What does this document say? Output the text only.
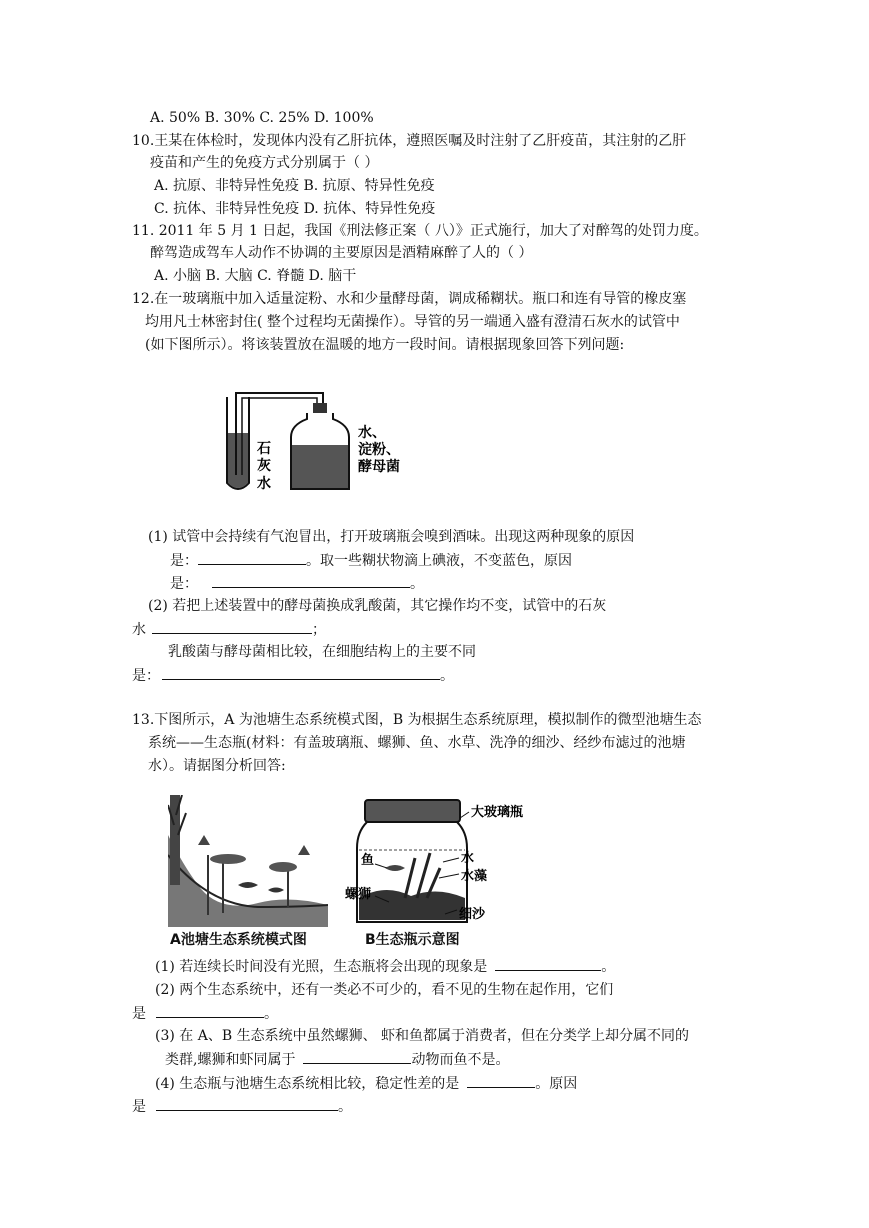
A. 50% B. 30% C. 25% D. 100%
10.王某在体检时，发现体内没有乙肝抗体，遵照医嘱及时注射了乙肝疫苗，其注射的乙肝
疫苗和产生的免疫方式分别属于（ ）
A. 抗原、非特异性免疫 B. 抗原、特异性免疫
C. 抗体、非特异性免疫 D. 抗体、特异性免疫
11. 2011 年 5 月 1 日起，我国《刑法修正案（ 八）》正式施行，加大了对醉驾的处罚力度。
醉驾造成驾车人动作不协调的主要原因是酒精麻醉了人的（ ）
A. 小脑 B. 大脑 C. 脊髓 D. 脑干
12.在一玻璃瓶中加入适量淀粉、水和少量酵母菌，调成稀糊状。瓶口和连有导管的橡皮塞
均用凡士林密封住( 整个过程均无菌操作）。导管的另一端通入盛有澄清石灰水的试管中
(如下图所示）。将该装置放在温暖的地方一段时间。请根据现象回答下列问题:
石
灰
水
水、
淀粉、
酵母菌
(1) 试管中会持续有气泡冒出，打开玻璃瓶会嗅到酒味。出现这两种现象的原因
是：	。取一些糊状物滴上碘液，不变蓝色，原因
是：	。
(2) 若把上述装置中的酵母菌换成乳酸菌，其它操作均不变，试管中的石灰
水	；
乳酸菌与酵母菌相比较，在细胞结构上的主要不同
是：	。
13.下图所示，A 为池塘生态系统模式图，B 为根据生态系统原理，模拟制作的微型池塘生态
系统——生态瓶(材料：有盖玻璃瓶、螺狮、鱼、水草、洗净的细沙、经纱布滤过的池塘
水）。请据图分析回答:
A池塘生态系统模式图
大玻璃瓶
鱼	水
水藻
螺狮
细沙
B生态瓶示意图
(1) 若连续长时间没有光照，生态瓶将会出现的现象是	。
(2) 两个生态系统中，还有一类必不可少的，看不见的生物在起作用，它们
是	。
(3) 在 A、B 生态系统中虽然螺狮、 虾和鱼都属于消费者，但在分类学上却分属不同的
类群,螺狮和虾同属于	动物而鱼不是。
(4) 生态瓶与池塘生态系统相比较，稳定性差的是	。原因
是	。
